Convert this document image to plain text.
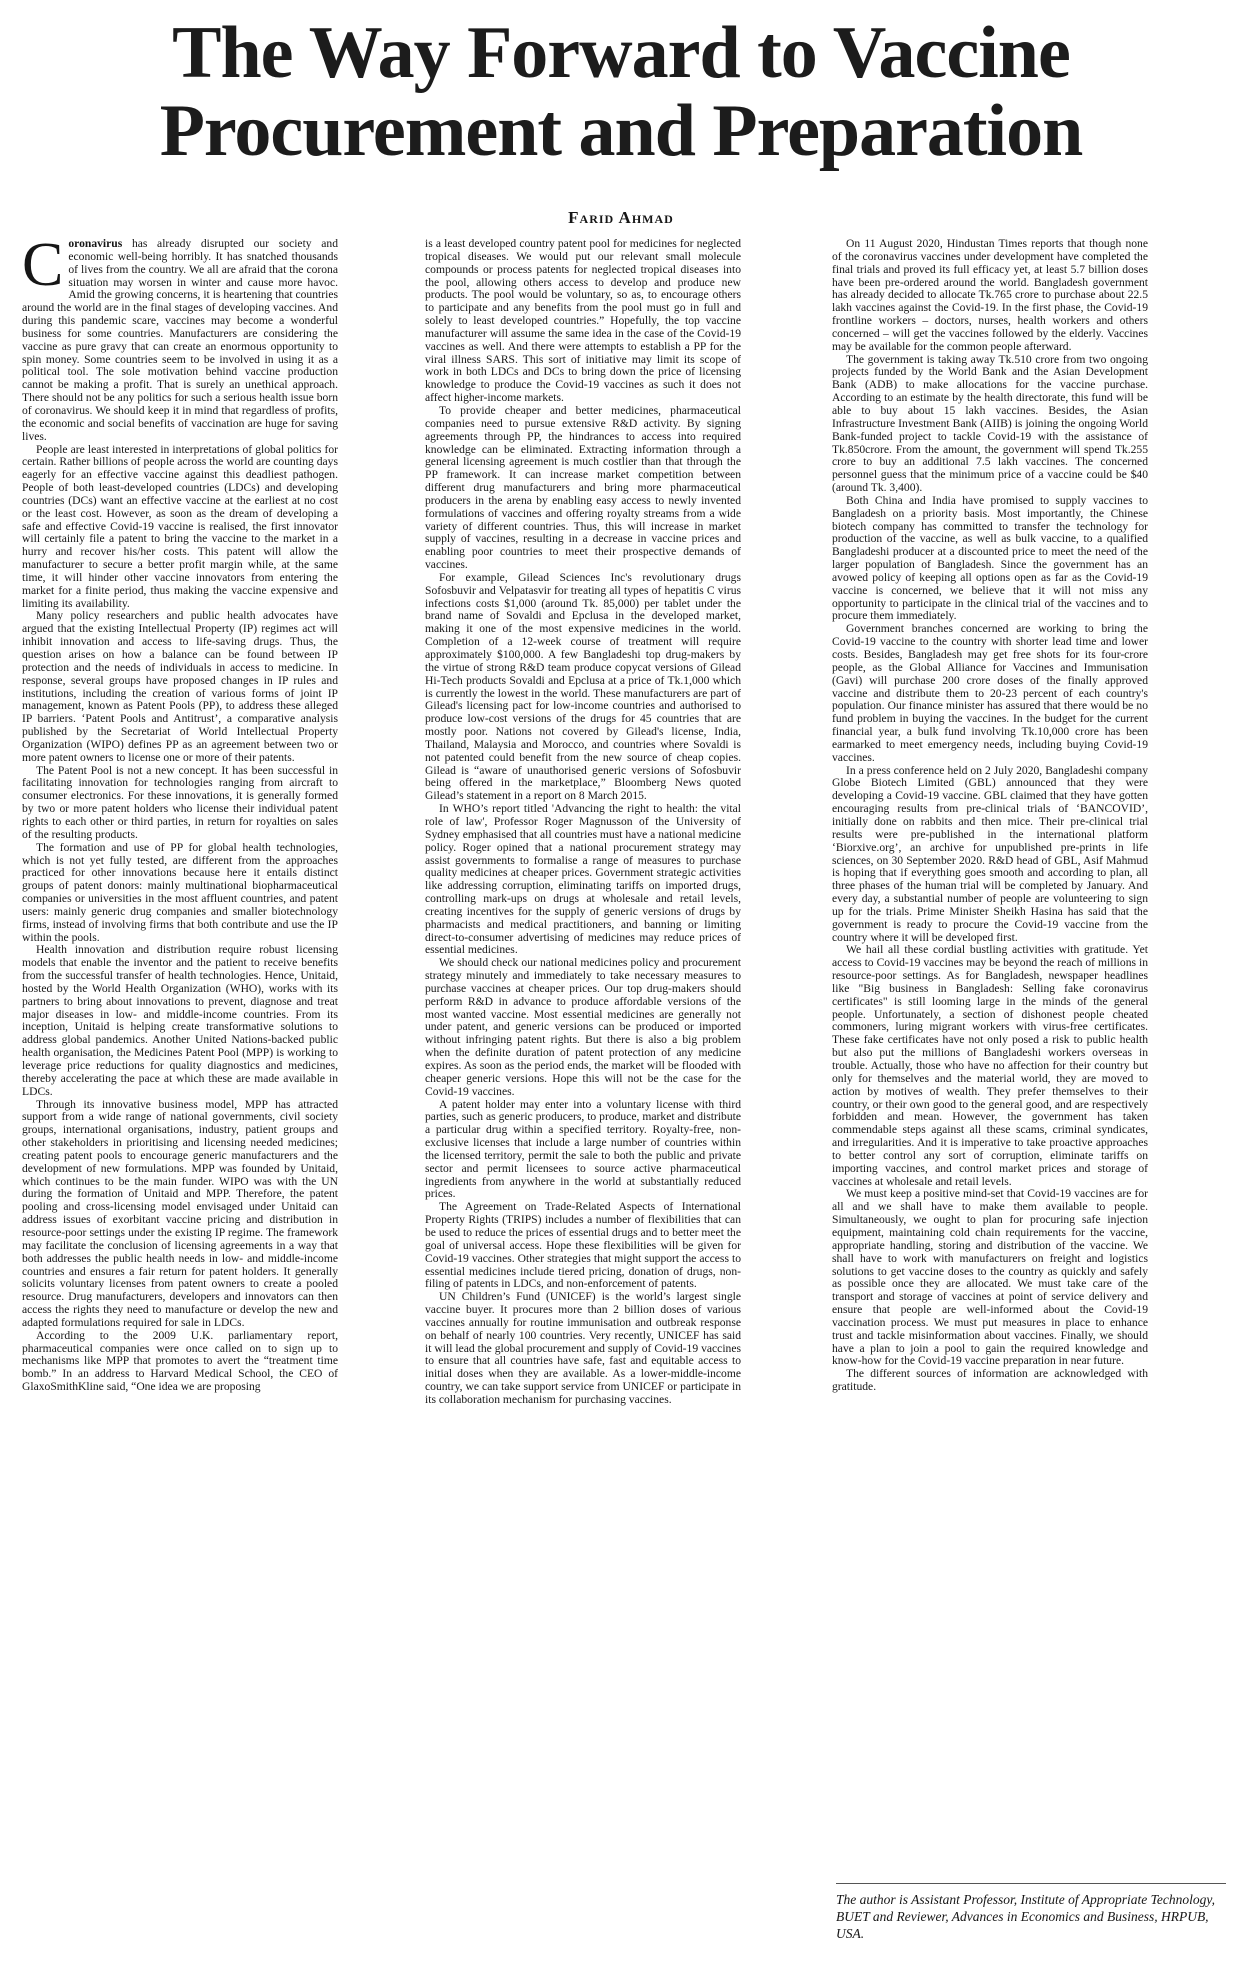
The Way Forward to Vaccine
Procurement and Preparation
Farid Ahmad

Coronavirus has already disrupted our society and economic well-being horribly. It has snatched thousands of lives from the country. We all are afraid that the corona situation may worsen in winter and cause more havoc. Amid the growing concerns, it is heartening that countries around the world are in the final stages of developing vaccines. And during this pandemic scare, vaccines may become a wonderful business for some countries. Manufacturers are considering the vaccine as pure gravy that can create an enormous opportunity to spin money. Some countries seem to be involved in using it as a political tool. The sole motivation behind vaccine production cannot be making a profit. That is surely an unethical approach. There should not be any politics for such a serious health issue born of coronavirus. We should keep it in mind that regardless of profits, the economic and social benefits of vaccination are huge for saving lives.

People are least interested in interpretations of global politics for certain. Rather billions of people across the world are counting days eagerly for an effective vaccine against this deadliest pathogen. People of both least-developed countries (LDCs) and developing countries (DCs) want an effective vaccine at the earliest at no cost or the least cost. However, as soon as the dream of developing a safe and effective Covid-19 vaccine is realised, the first innovator will certainly file a patent to bring the vaccine to the market in a hurry and recover his/her costs. This patent will allow the manufacturer to secure a better profit margin while, at the same time, it will hinder other vaccine innovators from entering the market for a finite period, thus making the vaccine expensive and limiting its availability.

Many policy researchers and public health advocates have argued that the existing Intellectual Property (IP) regimes act will inhibit innovation and access to life-saving drugs. Thus, the question arises on how a balance can be found between IP protection and the needs of individuals in access to medicine. In response, several groups have proposed changes in IP rules and institutions, including the creation of various forms of joint IP management, known as Patent Pools (PP), to address these alleged IP barriers. ‘Patent Pools and Antitrust’, a comparative analysis published by the Secretariat of World Intellectual Property Organization (WIPO) defines PP as an agreement between two or more patent owners to license one or more of their patents.

The Patent Pool is not a new concept. It has been successful in facilitating innovation for technologies ranging from aircraft to consumer electronics. For these innovations, it is generally formed by two or more patent holders who license their individual patent rights to each other or third parties, in return for royalties on sales of the resulting products.

The formation and use of PP for global health technologies, which is not yet fully tested, are different from the approaches practiced for other innovations because here it entails distinct groups of patent donors: mainly multinational biopharmaceutical companies or universities in the most affluent countries, and patent users: mainly generic drug companies and smaller biotechnology firms, instead of involving firms that both contribute and use the IP within the pools.

Health innovation and distribution require robust licensing models that enable the inventor and the patient to receive benefits from the successful transfer of health technologies. Hence, Unitaid, hosted by the World Health Organization (WHO), works with its partners to bring about innovations to prevent, diagnose and treat major diseases in low- and middle-income countries. From its inception, Unitaid is helping create transformative solutions to address global pandemics. Another United Nations-backed public health organisation, the Medicines Patent Pool (MPP) is working to leverage price reductions for quality diagnostics and medicines, thereby accelerating the pace at which these are made available in LDCs.

Through its innovative business model, MPP has attracted support from a wide range of national governments, civil society groups, international organisations, industry, patient groups and other stakeholders in prioritising and licensing needed medicines; creating patent pools to encourage generic manufacturers and the development of new formulations. MPP was founded by Unitaid, which continues to be the main funder. WIPO was with the UN during the formation of Unitaid and MPP. Therefore, the patent pooling and cross-licensing model envisaged under Unitaid can address issues of exorbitant vaccine pricing and distribution in resource-poor settings under the existing IP regime. The framework may facilitate the conclusion of licensing agreements in a way that both addresses the public health needs in low- and middle-income countries and ensures a fair return for patent holders. It generally solicits voluntary licenses from patent owners to create a pooled resource. Drug manufacturers, developers and innovators can then access the rights they need to manufacture or develop the new and adapted formulations required for sale in LDCs.

According to the 2009 U.K. parliamentary report, pharmaceutical companies were once called on to sign up to mechanisms like MPP that promotes to avert the “treatment time bomb.” In an address to Harvard Medical School, the CEO of GlaxoSmithKline said, “One idea we are proposing

is a least developed country patent pool for medicines for neglected tropical diseases. We would put our relevant small molecule compounds or process patents for neglected tropical diseases into the pool, allowing others access to develop and produce new products. The pool would be voluntary, so as, to encourage others to participate and any benefits from the pool must go in full and solely to least developed countries.” Hopefully, the top vaccine manufacturer will assume the same idea in the case of the Covid-19 vaccines as well. And there were attempts to establish a PP for the viral illness SARS. This sort of initiative may limit its scope of work in both LDCs and DCs to bring down the price of licensing knowledge to produce the Covid-19 vaccines as such it does not affect higher-income markets.

To provide cheaper and better medicines, pharmaceutical companies need to pursue extensive R&D activity. By signing agreements through PP, the hindrances to access into required knowledge can be eliminated. Extracting information through a general licensing agreement is much costlier than that through the PP framework. It can increase market competition between different drug manufacturers and bring more pharmaceutical producers in the arena by enabling easy access to newly invented formulations of vaccines and offering royalty streams from a wide variety of different countries. Thus, this will increase in market supply of vaccines, resulting in a decrease in vaccine prices and enabling poor countries to meet their prospective demands of vaccines.

For example, Gilead Sciences Inc's revolutionary drugs Sofosbuvir and Velpatasvir for treating all types of hepatitis C virus infections costs $1,000 (around Tk. 85,000) per tablet under the brand name of Sovaldi and Epclusa in the developed market, making it one of the most expensive medicines in the world. Completion of a 12-week course of treatment will require approximately $100,000. A few Bangladeshi top drug-makers by the virtue of strong R&D team produce copycat versions of Gilead Hi-Tech products Sovaldi and Epclusa at a price of Tk.1,000 which is currently the lowest in the world. These manufacturers are part of Gilead's licensing pact for low-income countries and authorised to produce low-cost versions of the drugs for 45 countries that are mostly poor. Nations not covered by Gilead's license, India, Thailand, Malaysia and Morocco, and countries where Sovaldi is not patented could benefit from the new source of cheap copies. Gilead is “aware of unauthorised generic versions of Sofosbuvir being offered in the marketplace,” Bloomberg News quoted Gilead’s statement in a report on 8 March 2015.

In WHO’s report titled 'Advancing the right to health: the vital role of law', Professor Roger Magnusson of the University of Sydney emphasised that all countries must have a national medicine policy. Roger opined that a national procurement strategy may assist governments to formalise a range of measures to purchase quality medicines at cheaper prices. Government strategic activities like addressing corruption, eliminating tariffs on imported drugs, controlling mark-ups on drugs at wholesale and retail levels, creating incentives for the supply of generic versions of drugs by pharmacists and medical practitioners, and banning or limiting direct-to-consumer advertising of medicines may reduce prices of essential medicines.

We should check our national medicines policy and procurement strategy minutely and immediately to take necessary measures to purchase vaccines at cheaper prices. Our top drug-makers should perform R&D in advance to produce affordable versions of the most wanted vaccine. Most essential medicines are generally not under patent, and generic versions can be produced or imported without infringing patent rights. But there is also a big problem when the definite duration of patent protection of any medicine expires. As soon as the period ends, the market will be flooded with cheaper generic versions. Hope this will not be the case for the Covid-19 vaccines.

A patent holder may enter into a voluntary license with third parties, such as generic producers, to produce, market and distribute a particular drug within a specified territory. Royalty-free, non-exclusive licenses that include a large number of countries within the licensed territory, permit the sale to both the public and private sector and permit licensees to source active pharmaceutical ingredients from anywhere in the world at substantially reduced prices.

The Agreement on Trade-Related Aspects of International Property Rights (TRIPS) includes a number of flexibilities that can be used to reduce the prices of essential drugs and to better meet the goal of universal access. Hope these flexibilities will be given for Covid-19 vaccines. Other strategies that might support the access to essential medicines include tiered pricing, donation of drugs, non-filing of patents in LDCs, and non-enforcement of patents.

UN Children’s Fund (UNICEF) is the world’s largest single vaccine buyer. It procures more than 2 billion doses of various vaccines annually for routine immunisation and outbreak response on behalf of nearly 100 countries. Very recently, UNICEF has said it will lead the global procurement and supply of Covid-19 vaccines to ensure that all countries have safe, fast and equitable access to initial doses when they are available. As a lower-middle-income country, we can take support service from UNICEF or participate in its collaboration mechanism for purchasing vaccines.

On 11 August 2020, Hindustan Times reports that though none of the coronavirus vaccines under development have completed the final trials and proved its full efficacy yet, at least 5.7 billion doses have been pre-ordered around the world. Bangladesh government has already decided to allocate Tk.765 crore to purchase about 22.5 lakh vaccines against the Covid-19. In the first phase, the Covid-19 frontline workers – doctors, nurses, health workers and others concerned – will get the vaccines followed by the elderly. Vaccines may be available for the common people afterward.

The government is taking away Tk.510 crore from two ongoing projects funded by the World Bank and the Asian Development Bank (ADB) to make allocations for the vaccine purchase. According to an estimate by the health directorate, this fund will be able to buy about 15 lakh vaccines. Besides, the Asian Infrastructure Investment Bank (AIIB) is joining the ongoing World Bank-funded project to tackle Covid-19 with the assistance of Tk.850crore. From the amount, the government will spend Tk.255 crore to buy an additional 7.5 lakh vaccines. The concerned personnel guess that the minimum price of a vaccine could be $40 (around Tk. 3,400).

Both China and India have promised to supply vaccines to Bangladesh on a priority basis. Most importantly, the Chinese biotech company has committed to transfer the technology for production of the vaccine, as well as bulk vaccine, to a qualified Bangladeshi producer at a discounted price to meet the need of the larger population of Bangladesh. Since the government has an avowed policy of keeping all options open as far as the Covid-19 vaccine is concerned, we believe that it will not miss any opportunity to participate in the clinical trial of the vaccines and to procure them immediately.

Government branches concerned are working to bring the Covid-19 vaccine to the country with shorter lead time and lower costs. Besides, Bangladesh may get free shots for its four-crore people, as the Global Alliance for Vaccines and Immunisation (Gavi) will purchase 200 crore doses of the finally approved vaccine and distribute them to 20-23 percent of each country's population. Our finance minister has assured that there would be no fund problem in buying the vaccines. In the budget for the current financial year, a bulk fund involving Tk.10,000 crore has been earmarked to meet emergency needs, including buying Covid-19 vaccines.

In a press conference held on 2 July 2020, Bangladeshi company Globe Biotech Limited (GBL) announced that they were developing a Covid-19 vaccine. GBL claimed that they have gotten encouraging results from pre-clinical trials of ‘BANCOVID’, initially done on rabbits and then mice. Their pre-clinical trial results were pre-published in the international platform ‘Biorxive.org’, an archive for unpublished pre-prints in life sciences, on 30 September 2020. R&D head of GBL, Asif Mahmud is hoping that if everything goes smooth and according to plan, all three phases of the human trial will be completed by January. And every day, a substantial number of people are volunteering to sign up for the trials. Prime Minister Sheikh Hasina has said that the government is ready to procure the Covid-19 vaccine from the country where it will be developed first.

We hail all these cordial bustling activities with gratitude. Yet access to Covid-19 vaccines may be beyond the reach of millions in resource-poor settings. As for Bangladesh, newspaper headlines like "Big business in Bangladesh: Selling fake coronavirus certificates" is still looming large in the minds of the general people. Unfortunately, a section of dishonest people cheated commoners, luring migrant workers with virus-free certificates. These fake certificates have not only posed a risk to public health but also put the millions of Bangladeshi workers overseas in trouble. Actually, those who have no affection for their country but only for themselves and the material world, they are moved to action by motives of wealth. They prefer themselves to their country, or their own good to the general good, and are respectively forbidden and mean. However, the government has taken commendable steps against all these scams, criminal syndicates, and irregularities. And it is imperative to take proactive approaches to better control any sort of corruption, eliminate tariffs on importing vaccines, and control market prices and storage of vaccines at wholesale and retail levels.

We must keep a positive mind-set that Covid-19 vaccines are for all and we shall have to make them available to people. Simultaneously, we ought to plan for procuring safe injection equipment, maintaining cold chain requirements for the vaccine, appropriate handling, storing and distribution of the vaccine. We shall have to work with manufacturers on freight and logistics solutions to get vaccine doses to the country as quickly and safely as possible once they are allocated. We must take care of the transport and storage of vaccines at point of service delivery and ensure that people are well-informed about the Covid-19 vaccination process. We must put measures in place to enhance trust and tackle misinformation about vaccines. Finally, we should have a plan to join a pool to gain the required knowledge and know-how for the Covid-19 vaccine preparation in near future.

The different sources of information are acknowledged with gratitude.

The author is Assistant Professor, Institute of Appropriate Technology, BUET and Reviewer, Advances in Economics and Business, HRPUB, USA.
